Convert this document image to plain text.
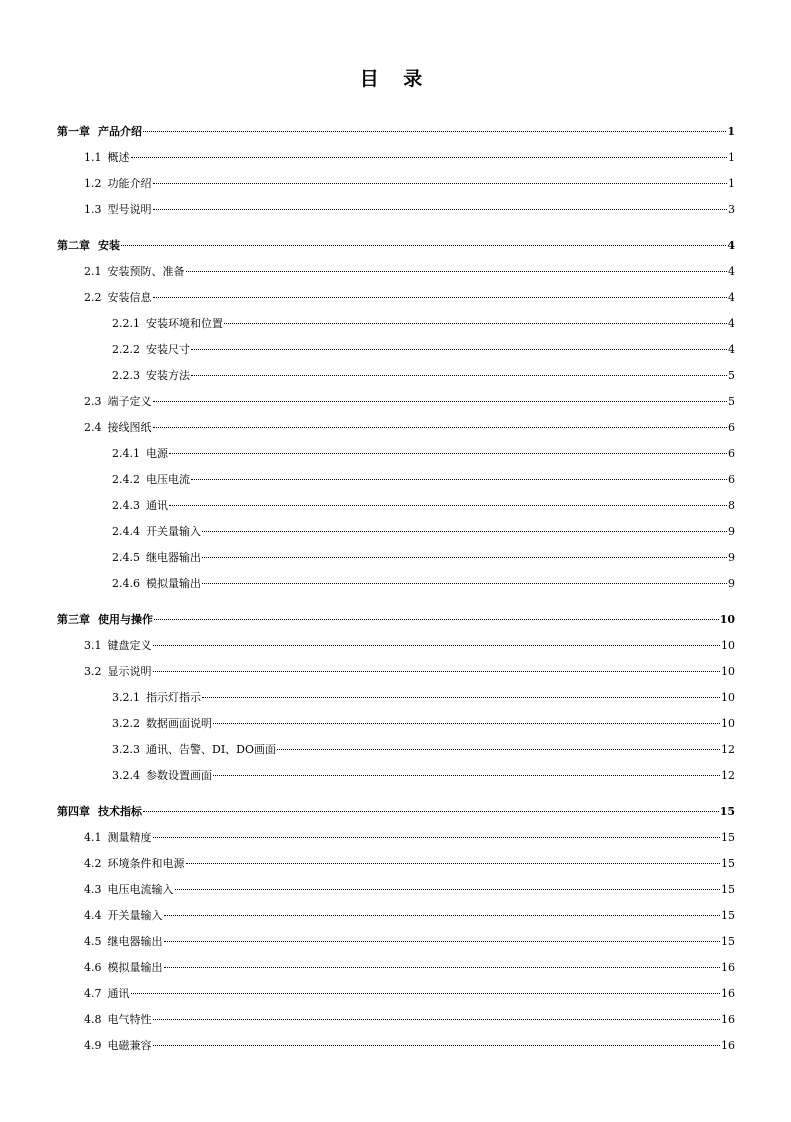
目 录
第一章 产品介绍	1
1.1 概述	1
1.2 功能介绍	1
1.3 型号说明	3
第二章 安装	4
2.1 安装预防、准备	4
2.2 安装信息	4
2.2.1 安装环境和位置	4
2.2.2 安装尺寸	4
2.2.3 安装方法	5
2.3 端子定义	5
2.4 接线图纸	6
2.4.1 电源	6
2.4.2 电压电流	6
2.4.3 通讯	8
2.4.4 开关量输入	9
2.4.5 继电器输出	9
2.4.6 模拟量输出	9
第三章 使用与操作	10
3.1 键盘定义	10
3.2 显示说明	10
3.2.1 指示灯指示	10
3.2.2 数据画面说明	10
3.2.3 通讯、告警、DI、DO画面	12
3.2.4 参数设置画面	12
第四章 技术指标	15
4.1 测量精度	15
4.2 环境条件和电源	15
4.3 电压电流输入	15
4.4 开关量输入	15
4.5 继电器输出	15
4.6 模拟量输出	16
4.7 通讯	16
4.8 电气特性	16
4.9 电磁兼容	16
